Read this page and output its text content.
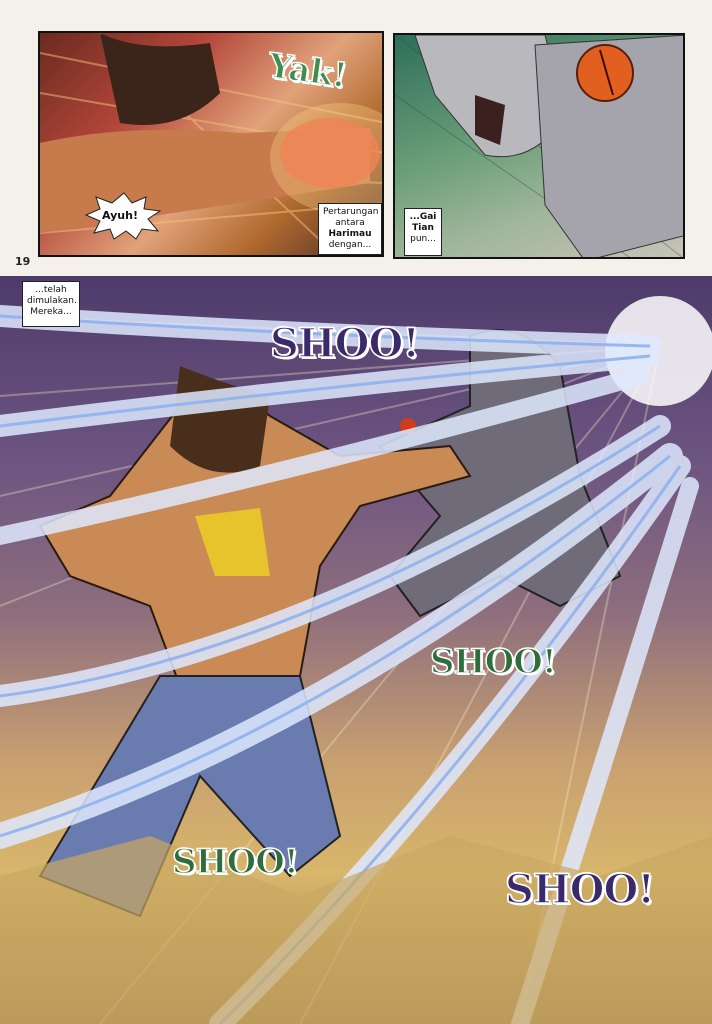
Yak!
Ayuh!	Pertarungan
antara
Harimau
dengan...
...Gai
Tian
pun...
19
...telah
dimulakan.
Mereka...
SHOO!
SHOO!
SHOO!
SHOO!
